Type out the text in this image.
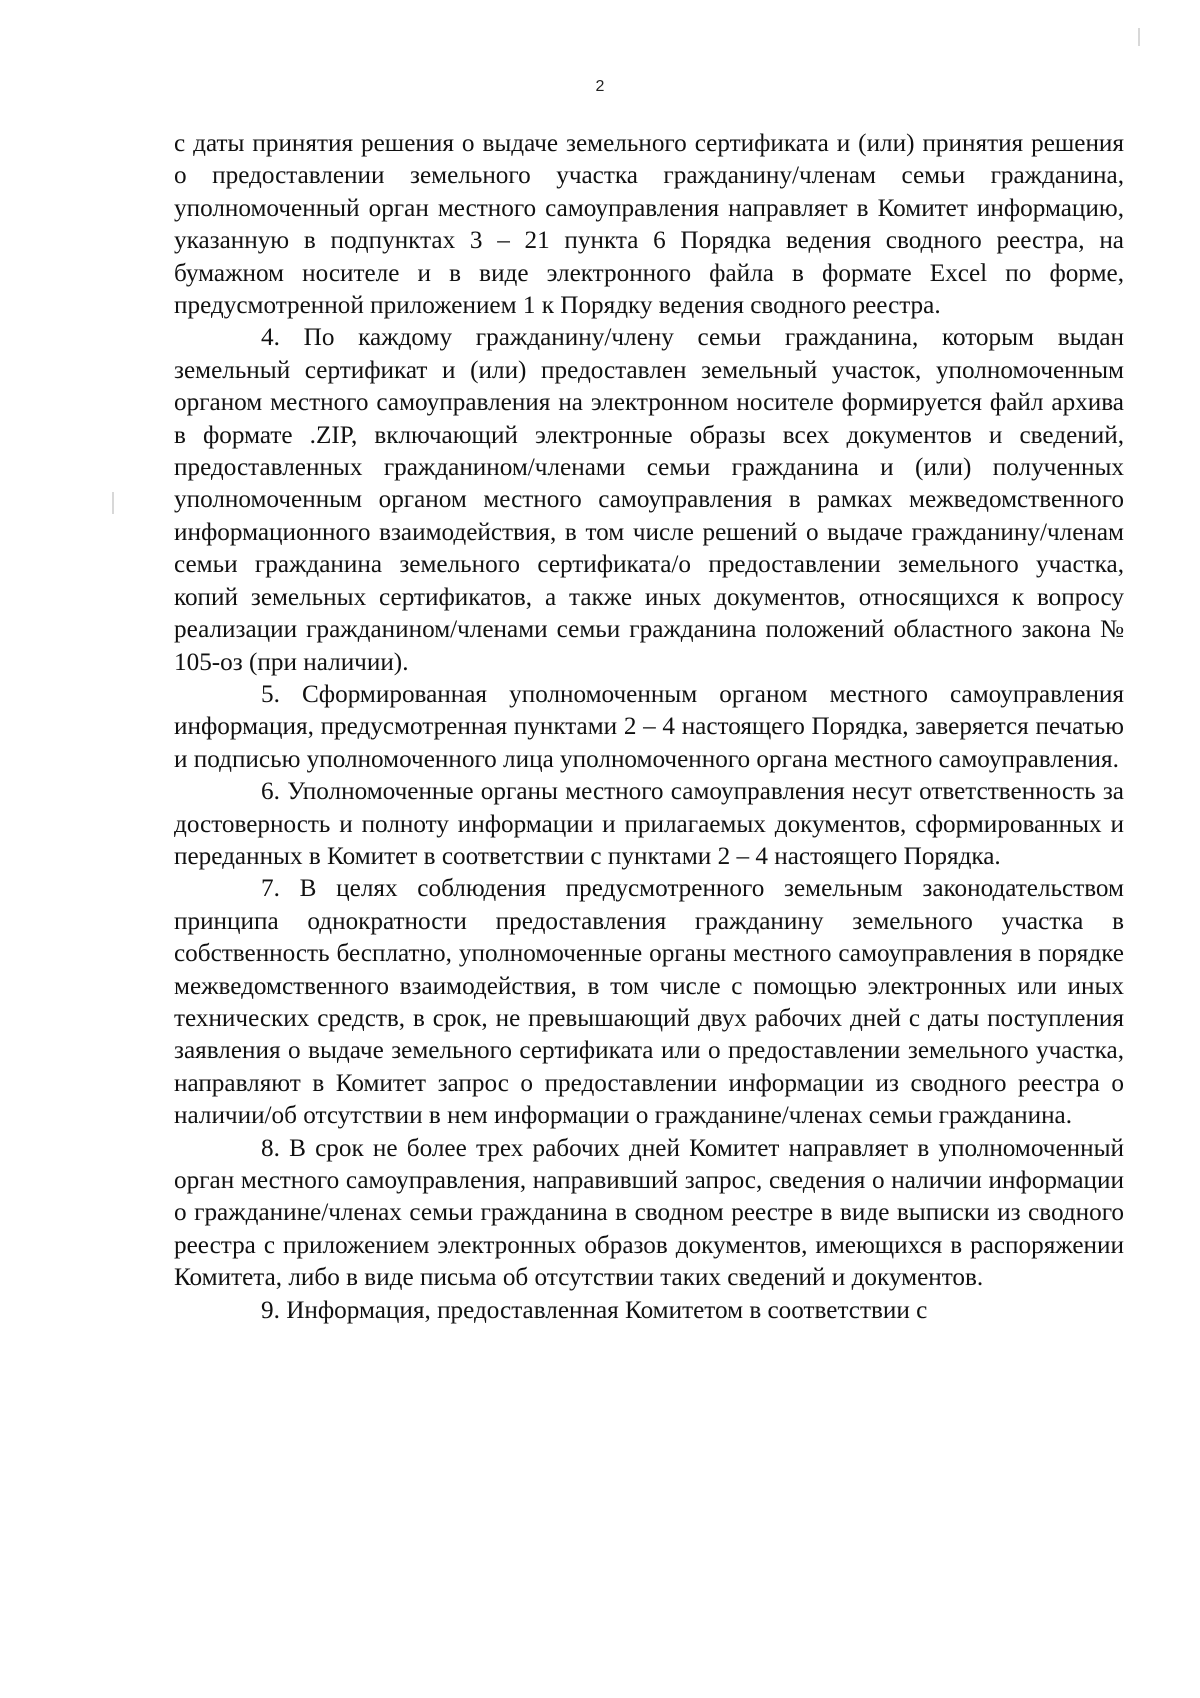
2

с даты принятия решения о выдаче земельного сертификата и (или) принятия решения о предоставлении земельного участка гражданину/членам семьи гражданина, уполномоченный орган местного самоуправления направляет в Комитет информацию, указанную в подпунктах 3 – 21 пункта 6 Порядка ведения сводного реестра, на бумажном носителе и в виде электронного файла в формате Excel по форме, предусмотренной приложением 1 к Порядку ведения сводного реестра.

4. По каждому гражданину/члену семьи гражданина, которым выдан земельный сертификат и (или) предоставлен земельный участок, уполномоченным органом местного самоуправления на электронном носителе формируется файл архива в формате .ZIP, включающий электронные образы всех документов и сведений, предоставленных гражданином/членами семьи гражданина и (или) полученных уполномоченным органом местного самоуправления в рамках межведомственного информационного взаимодействия, в том числе решений о выдаче гражданину/членам семьи гражданина земельного сертификата/о предоставлении земельного участка, копий земельных сертификатов, а также иных документов, относящихся к вопросу реализации гражданином/членами семьи гражданина положений областного закона № 105-оз (при наличии).

5. Сформированная уполномоченным органом местного самоуправления информация, предусмотренная пунктами 2 – 4 настоящего Порядка, заверяется печатью и подписью уполномоченного лица уполномоченного органа местного самоуправления.

6. Уполномоченные органы местного самоуправления несут ответственность за достоверность и полноту информации и прилагаемых документов, сформированных и переданных в Комитет в соответствии с пунктами 2 – 4 настоящего Порядка.

7. В целях соблюдения предусмотренного земельным законодательством принципа однократности предоставления гражданину земельного участка в собственность бесплатно, уполномоченные органы местного самоуправления в порядке межведомственного взаимодействия, в том числе с помощью электронных или иных технических средств, в срок, не превышающий двух рабочих дней с даты поступления заявления о выдаче земельного сертификата или о предоставлении земельного участка, направляют в Комитет запрос о предоставлении информации из сводного реестра о наличии/об отсутствии в нем информации о гражданине/членах семьи гражданина.

8. В срок не более трех рабочих дней Комитет направляет в уполномоченный орган местного самоуправления, направивший запрос, сведения о наличии информации о гражданине/членах семьи гражданина в сводном реестре в виде выписки из сводного реестра с приложением электронных образов документов, имеющихся в распоряжении Комитета, либо в виде письма об отсутствии таких сведений и документов.

9. Информация, предоставленная Комитетом в соответствии с
